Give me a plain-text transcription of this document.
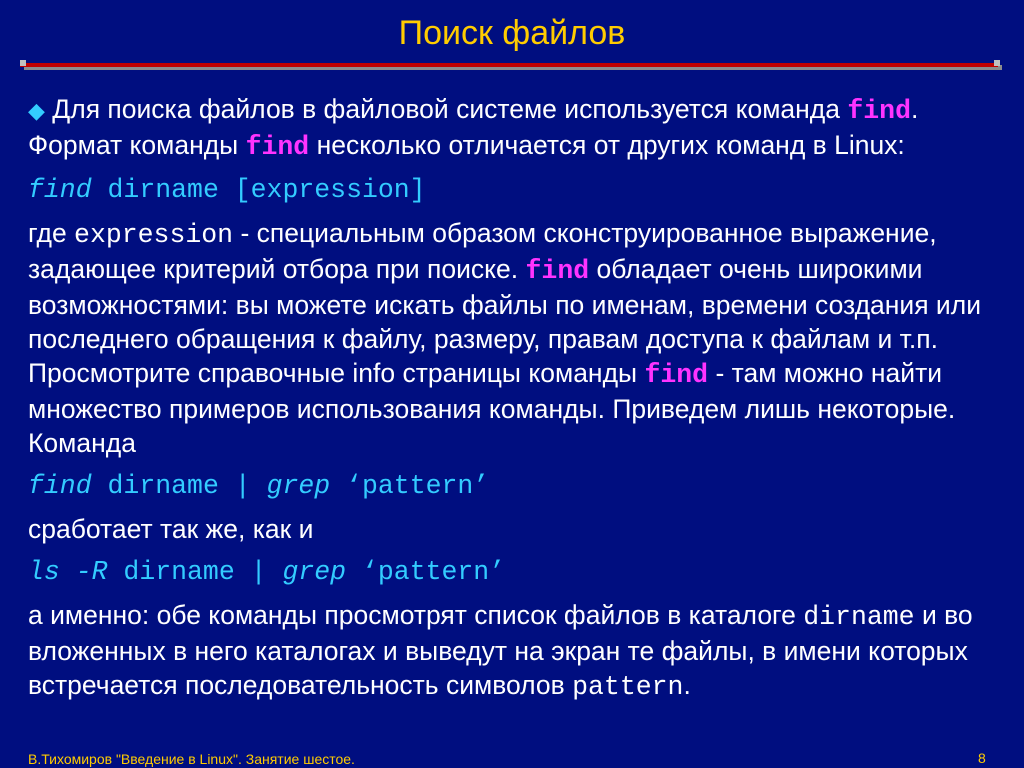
Поиск файлов

◆ Для поиска файлов в файловой системе используется команда find. Формат команды find несколько отличается от других команд в Linux:

find dirname [expression]

где expression - специальным образом сконструированное выражение, задающее критерий отбора при поиске. find обладает очень широкими возможностями: вы можете искать файлы по именам, времени создания или последнего обращения к файлу, размеру, правам доступа к файлам и т.п. Просмотрите справочные info страницы команды find - там можно найти множество примеров использования команды. Приведем лишь некоторые. Команда

find dirname | grep ‘pattern’

сработает так же, как и

ls -R dirname | grep ‘pattern’

а именно: обе команды просмотрят список файлов в каталоге dirname и во вложенных в него каталогах и выведут на экран те файлы, в имени которых встречается последовательность символов pattern.

В.Тихомиров "Введение в Linux". Занятие шестое.	8
